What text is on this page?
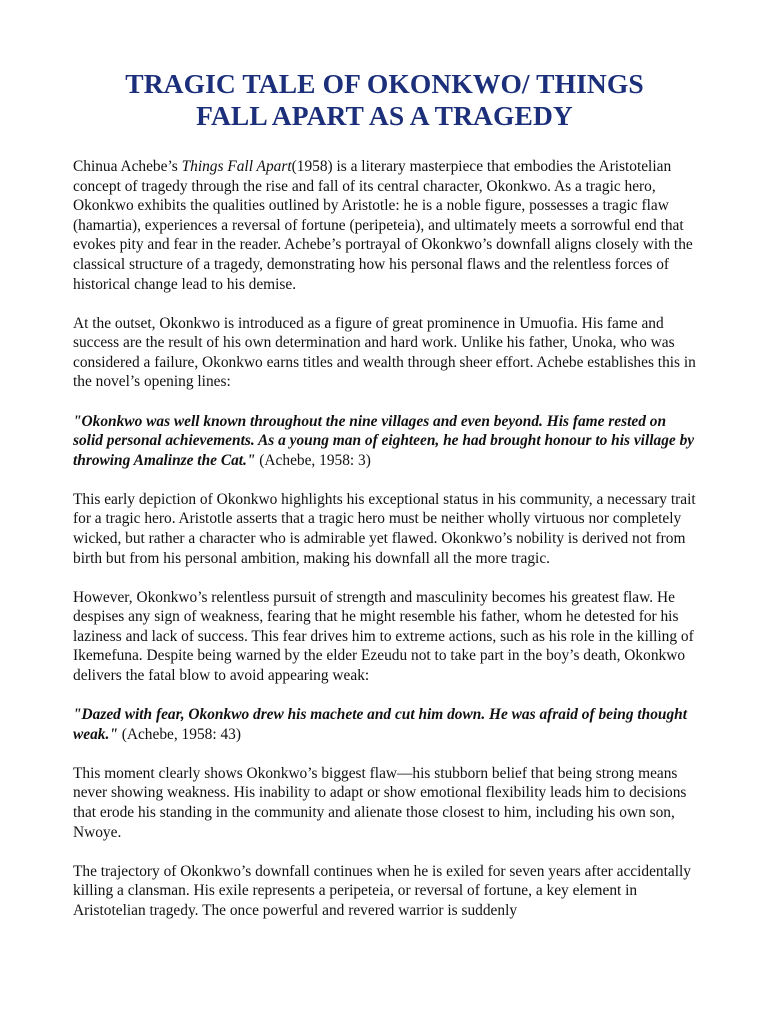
TRAGIC TALE OF OKONKWO/ THINGS
FALL APART AS A TRAGEDY

Chinua Achebe’s Things Fall Apart(1958) is a literary masterpiece that embodies the Aristotelian concept of tragedy through the rise and fall of its central character, Okonkwo. As a tragic hero, Okonkwo exhibits the qualities outlined by Aristotle: he is a noble figure, possesses a tragic flaw (hamartia), experiences a reversal of fortune (peripeteia), and ultimately meets a sorrowful end that evokes pity and fear in the reader. Achebe’s portrayal of Okonkwo’s downfall aligns closely with the classical structure of a tragedy, demonstrating how his personal flaws and the relentless forces of historical change lead to his demise.

At the outset, Okonkwo is introduced as a figure of great prominence in Umuofia. His fame and success are the result of his own determination and hard work. Unlike his father, Unoka, who was considered a failure, Okonkwo earns titles and wealth through sheer effort. Achebe establishes this in the novel’s opening lines:

"Okonkwo was well known throughout the nine villages and even beyond. His fame rested on solid personal achievements. As a young man of eighteen, he had brought honour to his village by throwing Amalinze the Cat." (Achebe, 1958: 3)

This early depiction of Okonkwo highlights his exceptional status in his community, a necessary trait for a tragic hero. Aristotle asserts that a tragic hero must be neither wholly virtuous nor completely wicked, but rather a character who is admirable yet flawed. Okonkwo’s nobility is derived not from birth but from his personal ambition, making his downfall all the more tragic.

However, Okonkwo’s relentless pursuit of strength and masculinity becomes his greatest flaw. He despises any sign of weakness, fearing that he might resemble his father, whom he detested for his laziness and lack of success. This fear drives him to extreme actions, such as his role in the killing of Ikemefuna. Despite being warned by the elder Ezeudu not to take part in the boy’s death, Okonkwo delivers the fatal blow to avoid appearing weak:

"Dazed with fear, Okonkwo drew his machete and cut him down. He was afraid of being thought weak." (Achebe, 1958: 43)

This moment clearly shows Okonkwo’s biggest flaw—his stubborn belief that being strong means never showing weakness. His inability to adapt or show emotional flexibility leads him to decisions that erode his standing in the community and alienate those closest to him, including his own son, Nwoye.

The trajectory of Okonkwo’s downfall continues when he is exiled for seven years after accidentally killing a clansman. His exile represents a peripeteia, or reversal of fortune, a key element in Aristotelian tragedy. The once powerful and revered warrior is suddenly
